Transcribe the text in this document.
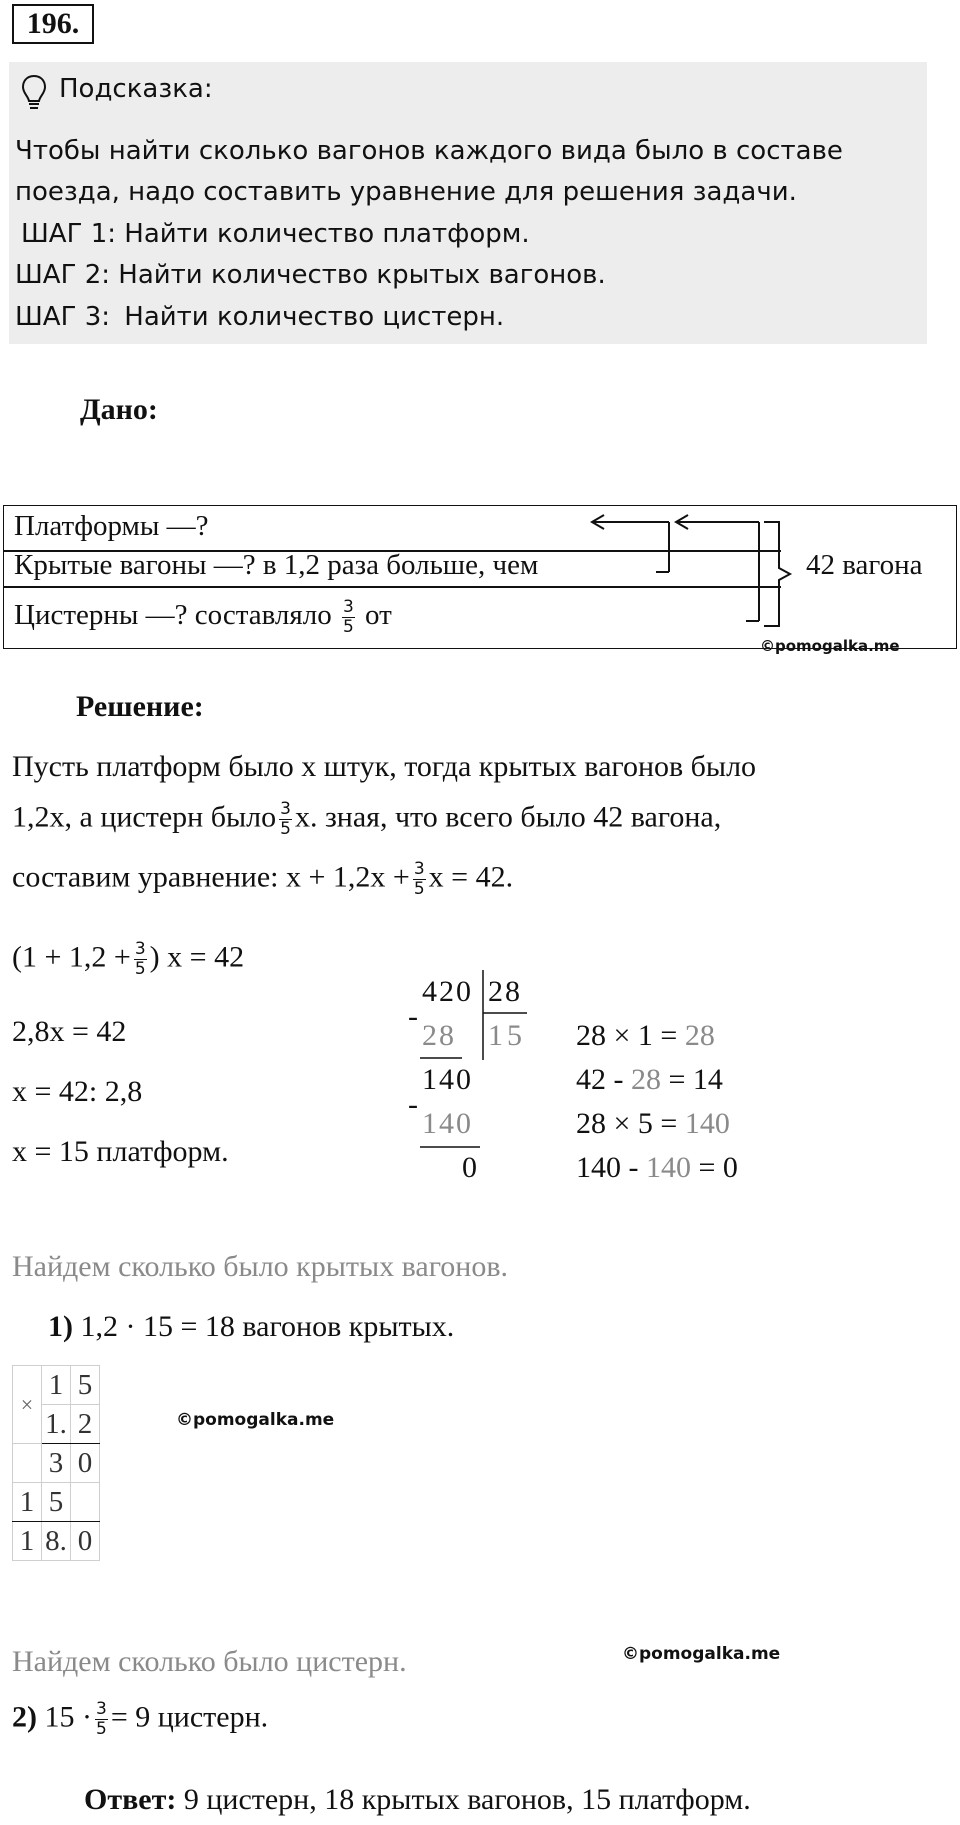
196.
Подсказка:
Чтобы найти сколько вагонов каждого вида было в составе
поезда, надо составить уравнение для решения задачи.
ШАГ 1: Найти количество платформ.
ШАГ 2: Найти количество крытых вагонов.
ШАГ 3: Найти количество цистерн.
Дано:
Платформы —?
Крытые вагоны —? в 1,2 раза больше, чем
Цистерны —? составляло $\frac{3}{5}$ от
42 вагона
©pomogalka.me
Решение:
Пусть платформ было x штук, тогда крытых вагонов было
1,2x, а цистерн было $\frac{3}{5} x$. зная, что всего было 42 вагона,
составим уравнение: $x + 1,2x + \frac{3}{5}$ x = 42.
($1 + 1,2 + \frac{3}{5}$ ) x = 42
2,8x = 42
x = 42: 2,8
x = 15 платформ.
420 28
28 15
140
140
0
-
-
28 × 1 = 28
42 - 28 = 14
28 × 5 = 140
140 - 140 = 0
Найдем сколько было крытых вагонов.
1) 1,2 · 15 = 18 вагонов крытых.
×	1	5
	1.	2
	3	0
1	5	
1	8.	0
©pomogalka.me
Найдем сколько было цистерн.	©pomogalka.me
2) $15 \cdot \frac{3}{5} = 9$ цистерн.
Ответ: 9 цистерн, 18 крытых вагонов, 15 платформ.
